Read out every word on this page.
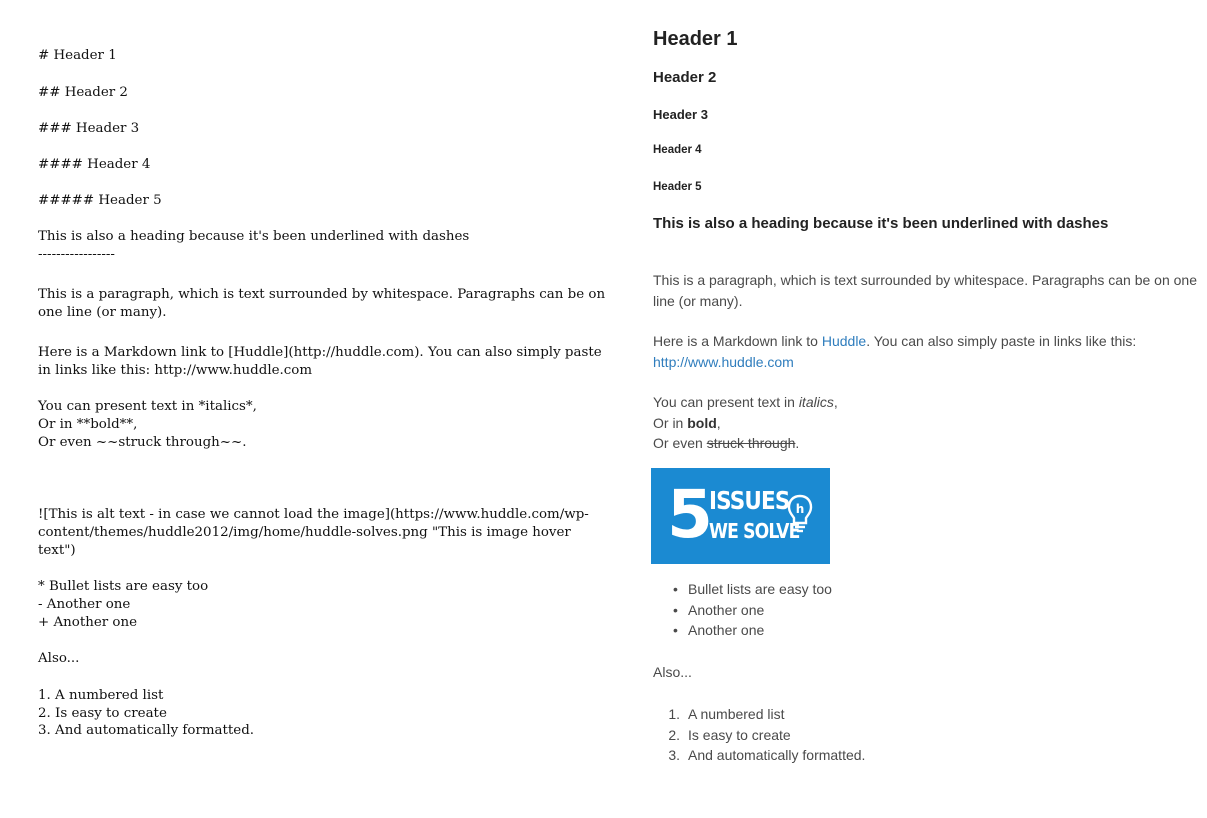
# Header 1
## Header 2
### Header 3
#### Header 4
##### Header 5
This is also a heading because it's been underlined with dashes
-----------------
This is a paragraph, which is text surrounded by whitespace. Paragraphs can be on
one line (or many).
Here is a Markdown link to [Huddle](http://huddle.com). You can also simply paste
in links like this: http://www.huddle.com
You can present text in *italics*,
Or in **bold**,
Or even ~~struck through~~.
![This is alt text - in case we cannot load the image](https://www.huddle.com/wp-
content/themes/huddle2012/img/home/huddle-solves.png "This is image hover
text")
* Bullet lists are easy too
- Another one
+ Another one
Also...
1. A numbered list
2. Is easy to create
3. And automatically formatted.
Header 1
Header 2
Header 3
Header 4
Header 5
This is also a heading because it's been underlined with dashes
This is a paragraph, which is text surrounded by whitespace. Paragraphs can be on one line (or many).
Here is a Markdown link to Huddle. You can also simply paste in links like this:
http://www.huddle.com
You can present text in italics,
Or in bold,
Or even struck through.
5
ISSUES
WE SOLVE
h
• Bullet lists are easy too
• Another one
• Another one
Also...
1. A numbered list
2. Is easy to create
3. And automatically formatted.
